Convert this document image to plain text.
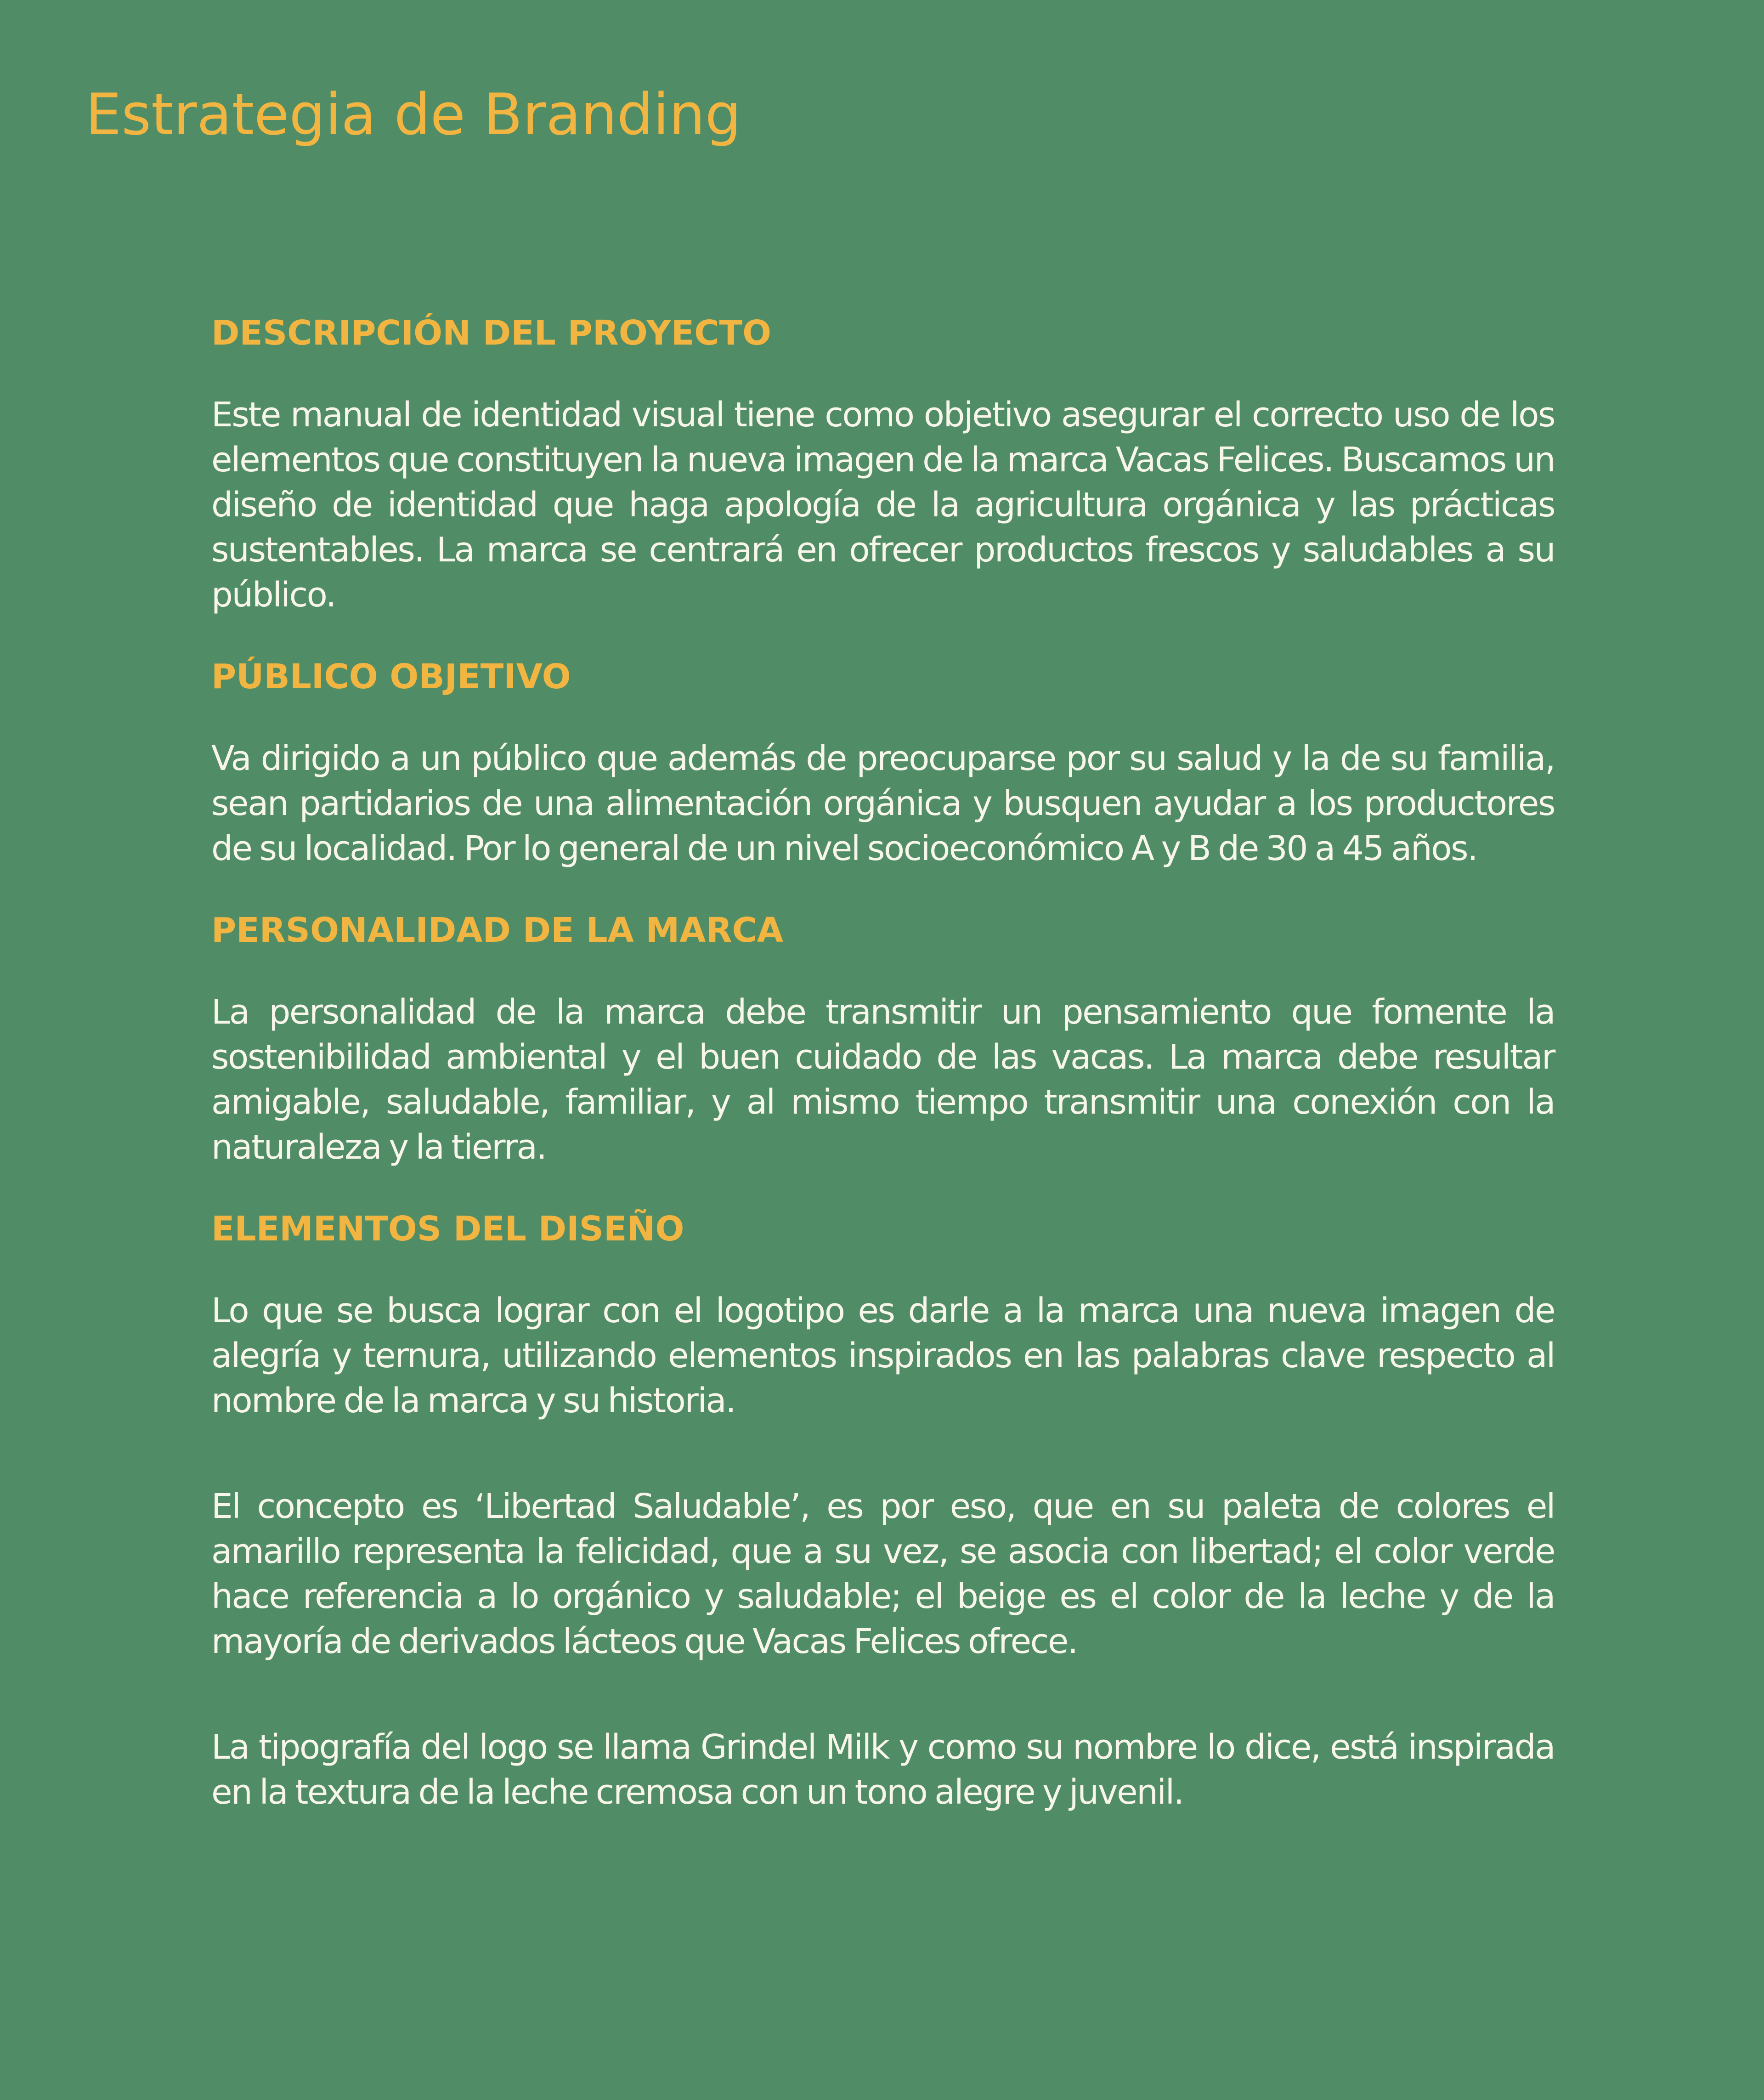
Estrategia de Branding
DESCRIPCIÓN DEL PROYECTO

Este manual de identidad visual tiene como objetivo asegurar el correcto uso de los elementos que constituyen la nueva imagen de la marca Vacas Felices. Buscamos un diseño de identidad que haga apología de la agricultura orgánica y las prácticas sustentables. La marca se centrará en ofrecer productos frescos y saludables a su público.

PÚBLICO OBJETIVO

Va dirigido a un público que además de preocuparse por su salud y la de su familia, sean partidarios de una alimentación orgánica y busquen ayudar a los productores de su localidad. Por lo general de un nivel socioeconómico A y B de 30 a 45 años.

PERSONALIDAD DE LA MARCA

La personalidad de la marca debe transmitir un pensamiento que fomente la sostenibilidad ambiental y el buen cuidado de las vacas. La marca debe resultar amigable, saludable, familiar, y al mismo tiempo transmitir una conexión con la naturaleza y la tierra.

ELEMENTOS DEL DISEÑO

Lo que se busca lograr con el logotipo es darle a la marca una nueva imagen de alegría y ternura, utilizando elementos inspirados en las palabras clave respecto al nombre de la marca y su historia.

El concepto es ‘Libertad Saludable’, es por eso, que en su paleta de colores el amarillo representa la felicidad, que a su vez, se asocia con libertad; el color verde hace referencia a lo orgánico y saludable; el beige es el color de la leche y de la mayoría de derivados lácteos que Vacas Felices ofrece.

La tipografía del logo se llama Grindel Milk y como su nombre lo dice, está inspirada en la textura de la leche cremosa con un tono alegre y juvenil.
